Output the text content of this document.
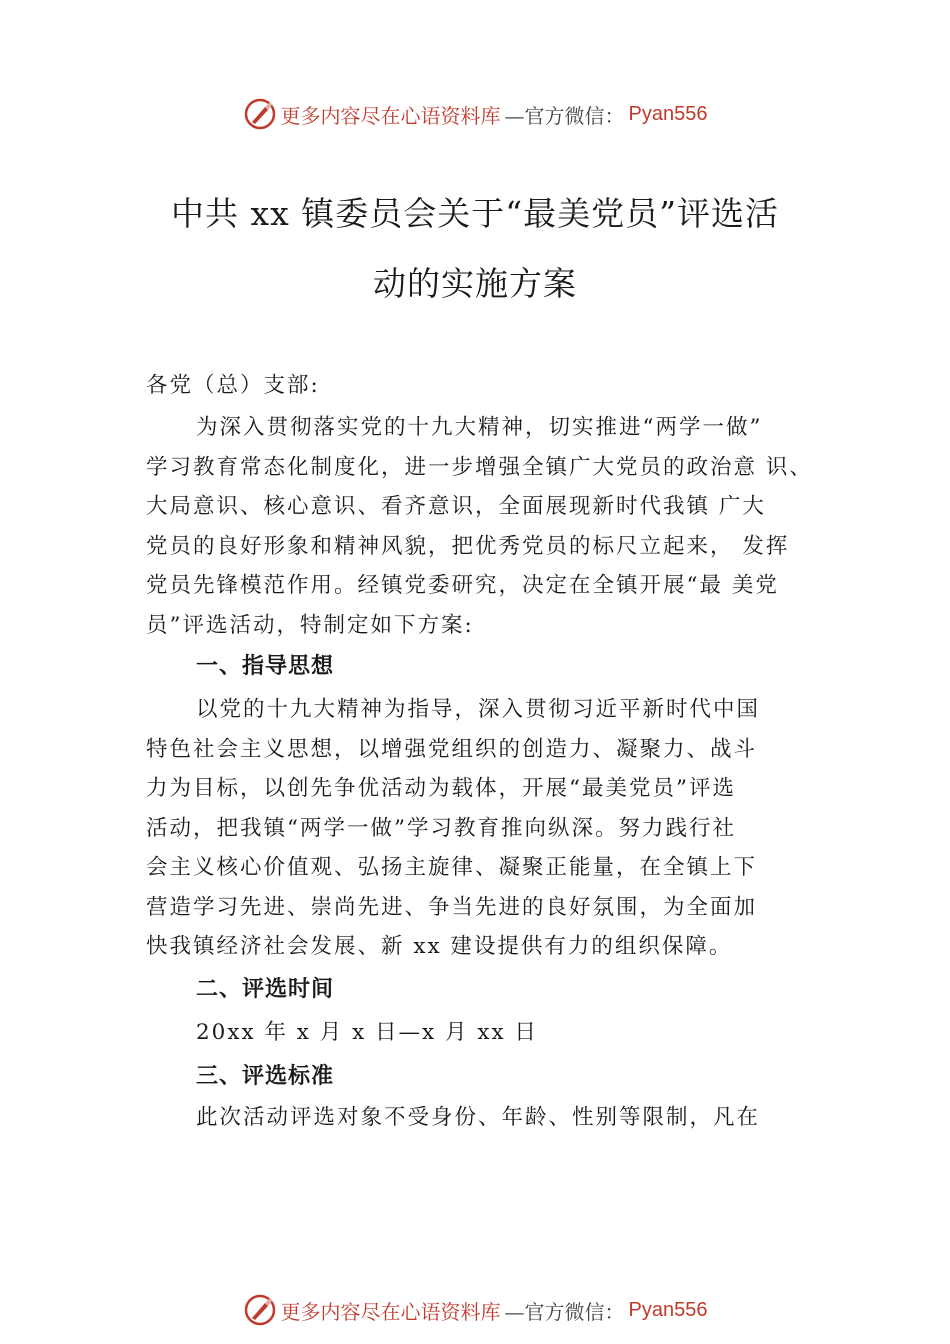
更多内容尽在心语资料库 —官方微信： Pyan556
中共 xx 镇委员会关于“最美党员”评选活
动的实施方案
各党（总）支部:
为深入贯彻落实党的十九大精神，切实推进“两学一做”
学习教育常态化制度化，进一步增强全镇广大党员的政治意 识、
大局意识、核心意识、看齐意识，全面展现新时代我镇 广大
党员的良好形象和精神风貌，把优秀党员的标尺立起来， 发挥
党员先锋模范作用。经镇党委研究，决定在全镇开展“最 美党
员”评选活动，特制定如下方案:
一、指导思想
以党的十九大精神为指导，深入贯彻习近平新时代中国
特色社会主义思想，以增强党组织的创造力、凝聚力、战斗
力为目标，以创先争优活动为载体，开展“最美党员”评选
活动，把我镇“两学一做”学习教育推向纵深。努力践行社
会主义核心价值观、弘扬主旋律、凝聚正能量，在全镇上下
营造学习先进、崇尚先进、争当先进的良好氛围，为全面加
快我镇经济社会发展、新 xx 建设提供有力的组织保障。
二、评选时间
20xx 年 x 月 x 日—x 月 xx 日
三、评选标准
此次活动评选对象不受身份、年龄、性别等限制，凡在
更多内容尽在心语资料库 —官方微信： Pyan556
